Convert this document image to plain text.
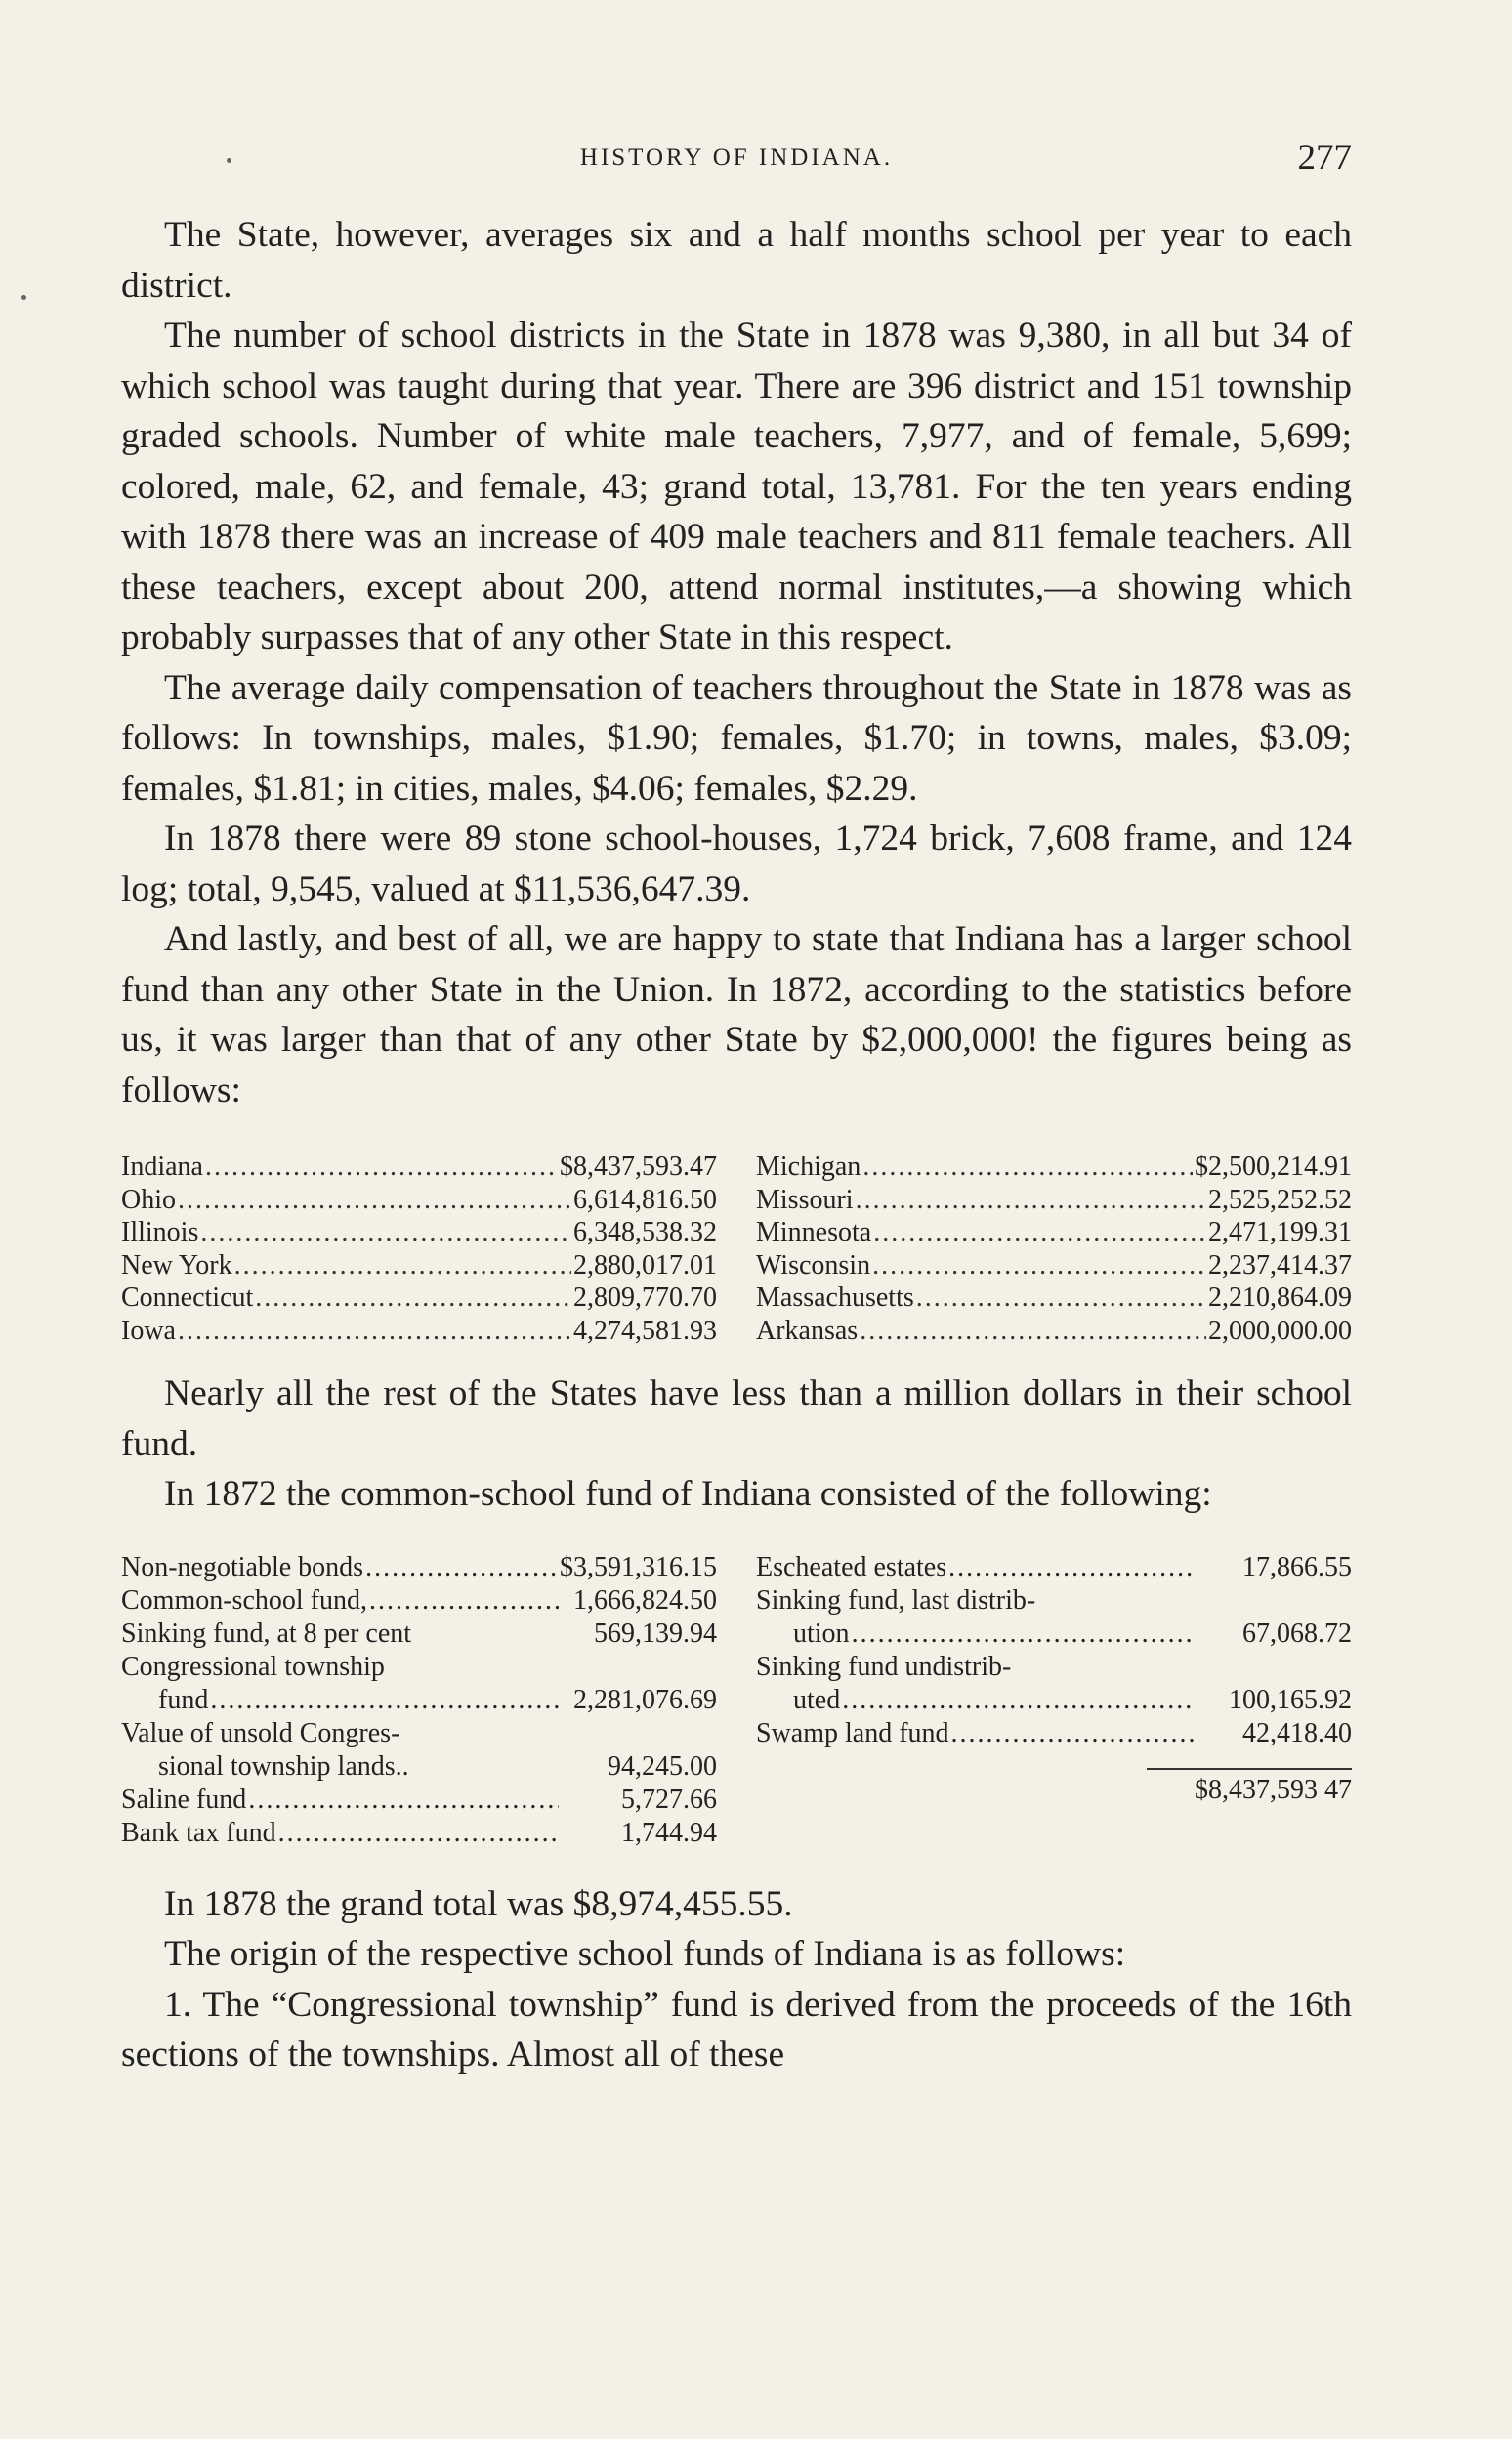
HISTORY OF INDIANA.	277

The State, however, averages six and a half months school per year to each district.

The number of school districts in the State in 1878 was 9,380, in all but 34 of which school was taught during that year. There are 396 district and 151 township graded schools. Number of white male teachers, 7,977, and of female, 5,699; colored, male, 62, and female, 43; grand total, 13,781. For the ten years ending with 1878 there was an increase of 409 male teachers and 811 female teachers. All these teachers, except about 200, attend normal institutes,—a showing which probably surpasses that of any other State in this respect.

The average daily compensation of teachers throughout the State in 1878 was as follows: In townships, males, $1.90; females, $1.70; in towns, males, $3.09; females, $1.81; in cities, males, $4.06; females, $2.29.

In 1878 there were 89 stone school-houses, 1,724 brick, 7,608 frame, and 124 log; total, 9,545, valued at $11,536,647.39.

And lastly, and best of all, we are happy to state that Indiana has a larger school fund than any other State in the Union. In 1872, according to the statistics before us, it was larger than that of any other State by $2,000,000! the figures being as follows:

Indiana .....	$8,437,593.47
Ohio .....	6,614,816.50
Illinois .....	6,348,538.32
New York .....	2,880,017.01
Connecticut .....	2,809,770.70
Iowa .....	4,274,581.93
Michigan .....	$2,500,214.91
Missouri .....	2,525,252.52
Minnesota .....	2,471,199.31
Wisconsin .....	2,237,414.37
Massachusetts .....	2,210,864.09
Arkansas .....	2,000,000.00

Nearly all the rest of the States have less than a million dollars in their school fund.

In 1872 the common-school fund of Indiana consisted of the following:

Non-negotiable bonds .....	$3,591,316.15
Common-school fund, .....	1,666,824.50
Sinking fund, at 8 per cent	569,139.94
Congressional township
fund .....	2,281,076.69
Value of unsold Congres-
sional township lands..	94,245.00
Saline fund .....	5,727.66
Bank tax fund .....	1,744.94
Escheated estates .....	17,866.55
Sinking fund, last distrib-
ution .....	67,068.72
Sinking fund undistrib-
uted .....	100,165.92
Swamp land fund .....	42,418.40
$8,437,593 47

In 1878 the grand total was $8,974,455.55.

The origin of the respective school funds of Indiana is as follows:

1. The “Congressional township” fund is derived from the proceeds of the 16th sections of the townships. Almost all of these
